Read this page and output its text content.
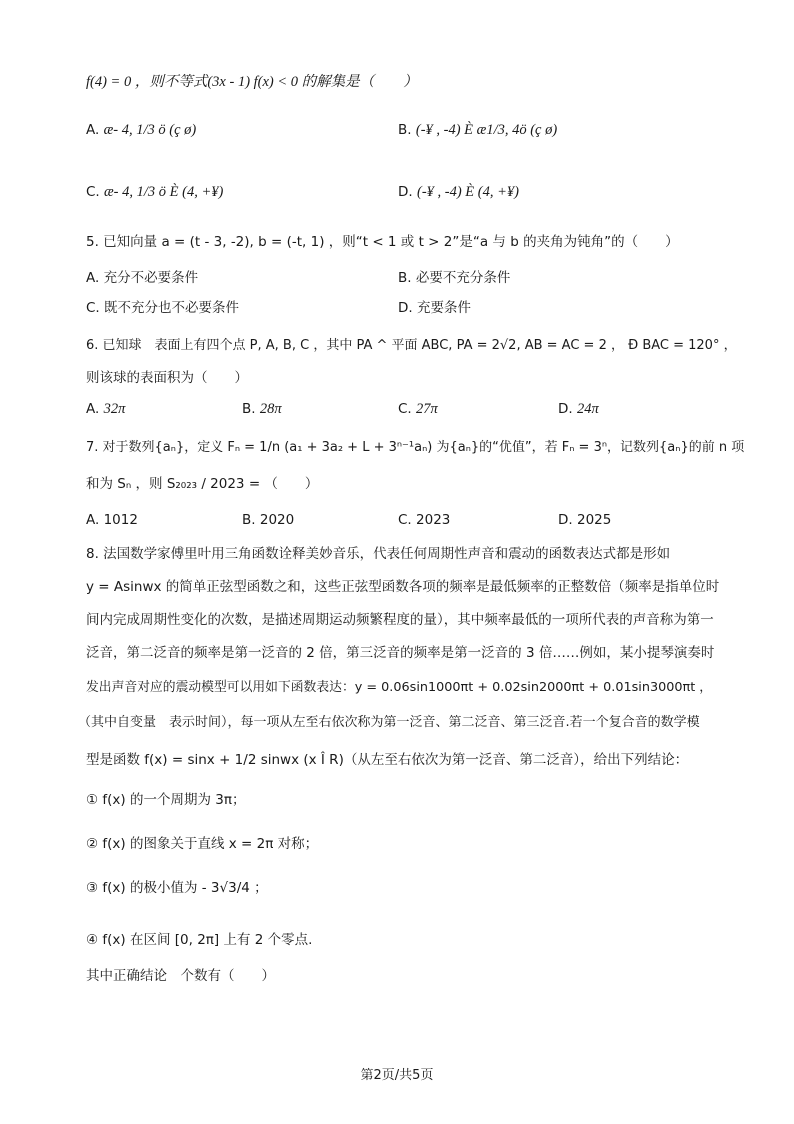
f(4) = 0 ，则不等式(3x - 1) f(x) < 0 的解集是（　　）
A. æ- 4, 1/3 ö (ç ø)	B. (-¥ , -4) È æ1/3, 4ö (ç ø)
C. æ- 4, 1/3 ö È (4, +¥)	D. (-¥ , -4) È (4, +¥)
5. 已知向量 a = (t - 3, -2), b = (-t, 1) ，则“t < 1 或 t > 2”是“a 与 b 的夹角为钝角”的（　　）
A. 充分不必要条件	B. 必要不充分条件
C. 既不充分也不必要条件	D. 充要条件
6. 已知球　表面上有四个点 P, A, B, C ，其中 PA ^ 平面 ABC, PA = 2√2, AB = AC = 2 ， Ð BAC = 120° ，
则该球的表面积为（　　）
A. 32π	B. 28π	C. 27π	D. 24π
7. 对于数列{aₙ}，定义 Fₙ = 1/n (a₁ + 3a₂ + L + 3ⁿ⁻¹aₙ) 为{aₙ}的“优值”，若 Fₙ = 3ⁿ，记数列{aₙ}的前 n 项
和为 Sₙ ，则 S₂₀₂₃ / 2023 = （　　）
A. 1012	B. 2020	C. 2023	D. 2025
8. 法国数学家傅里叶用三角函数诠释美妙音乐，代表任何周期性声音和震动的函数表达式都是形如
y = Asinwx 的简单正弦型函数之和，这些正弦型函数各项的频率是最低频率的正整数倍（频率是指单位时
间内完成周期性变化的次数，是描述周期运动频繁程度的量），其中频率最低的一项所代表的声音称为第一
泛音，第二泛音的频率是第一泛音的 2 倍，第三泛音的频率是第一泛音的 3 倍……例如，某小提琴演奏时
发出声音对应的震动模型可以用如下函数表达：y = 0.06sin1000πt + 0.02sin2000πt + 0.01sin3000πt ，
（其中自变量　表示时间），每一项从左至右依次称为第一泛音、第二泛音、第三泛音.若一个复合音的数学模
型是函数 f(x) = sinx + 1/2 sinwx (x Î R)（从左至右依次为第一泛音、第二泛音），给出下列结论：
① f(x) 的一个周期为 3π；
② f(x) 的图象关于直线 x = 2π 对称；
③ f(x) 的极小值为 - 3√3/4 ；
④ f(x) 在区间 [0, 2π] 上有 2 个零点.
其中正确结论　个数有（　　）
第2页/共5页
